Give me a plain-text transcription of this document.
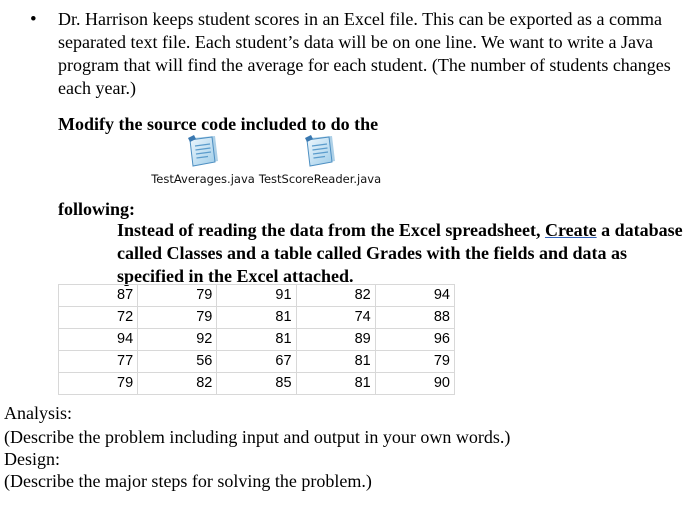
• Dr. Harrison keeps student scores in an Excel file. This can be exported as a comma separated text file. Each student’s data will be on one line. We want to write a Java program that will find the average for each student. (The number of students changes each year.)
Modify the source code included to do the
TestAverages.java TestScoreReader.java
following:
Instead of reading the data from the Excel spreadsheet, Create a database called Classes and a table called Grades with the fields and data as specified in the Excel attached.
87	79	91	82	94
72	79	81	74	88
94	92	81	89	96
77	56	67	81	79
79	82	85	81	90
Analysis:
(Describe the problem including input and output in your own words.)
Design:
(Describe the major steps for solving the problem.)
